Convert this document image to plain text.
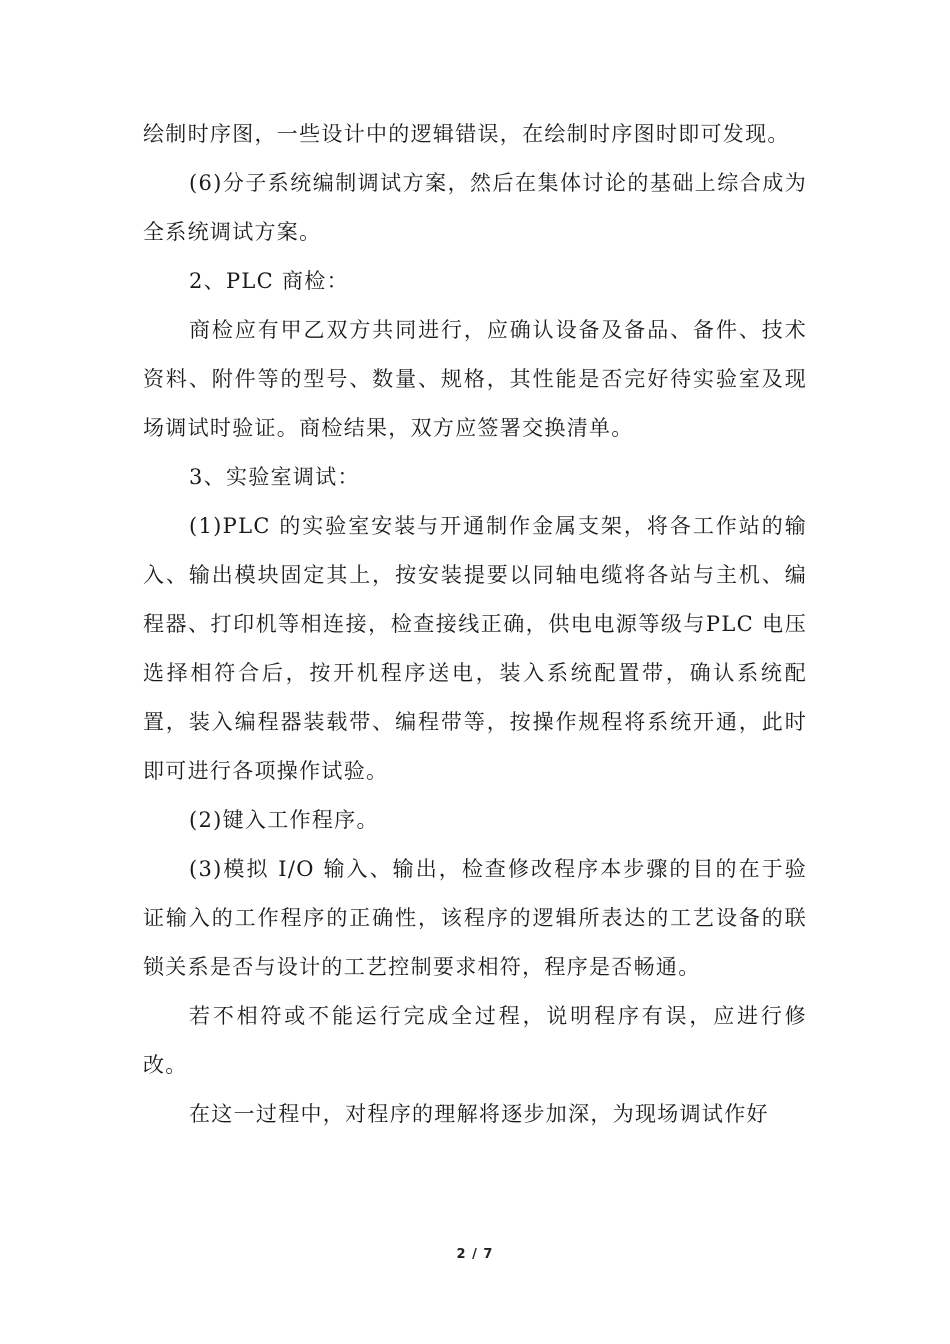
绘制时序图，一些设计中的逻辑错误，在绘制时序图时即可发现。

(6)分子系统编制调试方案，然后在集体讨论的基础上综合成为全系统调试方案。

2、PLC 商检：

商检应有甲乙双方共同进行，应确认设备及备品、备件、技术资料、附件等的型号、数量、规格，其性能是否完好待实验室及现场调试时验证。商检结果，双方应签署交换清单。

3、实验室调试：

(1)PLC 的实验室安装与开通制作金属支架，将各工作站的输入、输出模块固定其上，按安装提要以同轴电缆将各站与主机、编程器、打印机等相连接，检查接线正确，供电电源等级与PLC 电压选择相符合后，按开机程序送电，装入系统配置带，确认系统配置，装入编程器装载带、编程带等，按操作规程将系统开通，此时即可进行各项操作试验。

(2)键入工作程序。

(3)模拟 I/O 输入、输出，检查修改程序本步骤的目的在于验证输入的工作程序的正确性，该程序的逻辑所表达的工艺设备的联锁关系是否与设计的工艺控制要求相符，程序是否畅通。

若不相符或不能运行完成全过程，说明程序有误，应进行修改。

在这一过程中，对程序的理解将逐步加深，为现场调试作好

2 / 7
